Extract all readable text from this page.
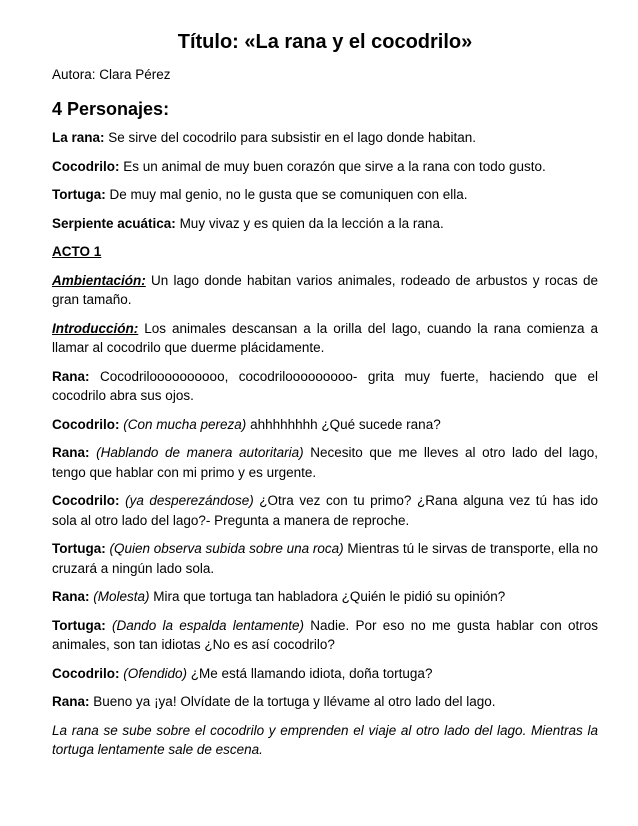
Título: «La rana y el cocodrilo»
Autora: Clara Pérez
4 Personajes:
La rana: Se sirve del cocodrilo para subsistir en el lago donde habitan.
Cocodrilo: Es un animal de muy buen corazón que sirve a la rana con todo gusto.
Tortuga: De muy mal genio, no le gusta que se comuniquen con ella.
Serpiente acuática: Muy vivaz y es quien da la lección a la rana.
ACTO 1
Ambientación: Un lago donde habitan varios animales, rodeado de arbustos y rocas de gran tamaño.
Introducción: Los animales descansan a la orilla del lago, cuando la rana comienza a llamar al cocodrilo que duerme plácidamente.
Rana: Cocodriloooooooooo, cocodrilooooooooo- grita muy fuerte, haciendo que el cocodrilo abra sus ojos.
Cocodrilo: (Con mucha pereza) ahhhhhhhh ¿Qué sucede rana?
Rana: (Hablando de manera autoritaria) Necesito que me lleves al otro lado del lago, tengo que hablar con mi primo y es urgente.
Cocodrilo: (ya desperezándose) ¿Otra vez con tu primo? ¿Rana alguna vez tú has ido sola al otro lado del lago?- Pregunta a manera de reproche.
Tortuga: (Quien observa subida sobre una roca) Mientras tú le sirvas de transporte, ella no cruzará a ningún lado sola.
Rana: (Molesta) Mira que tortuga tan habladora ¿Quién le pidió su opinión?
Tortuga: (Dando la espalda lentamente) Nadie. Por eso no me gusta hablar con otros animales, son tan idiotas ¿No es así cocodrilo?
Cocodrilo: (Ofendido) ¿Me está llamando idiota, doña tortuga?
Rana: Bueno ya ¡ya! Olvídate de la tortuga y llévame al otro lado del lago.
La rana se sube sobre el cocodrilo y emprenden el viaje al otro lado del lago. Mientras la tortuga lentamente sale de escena.
